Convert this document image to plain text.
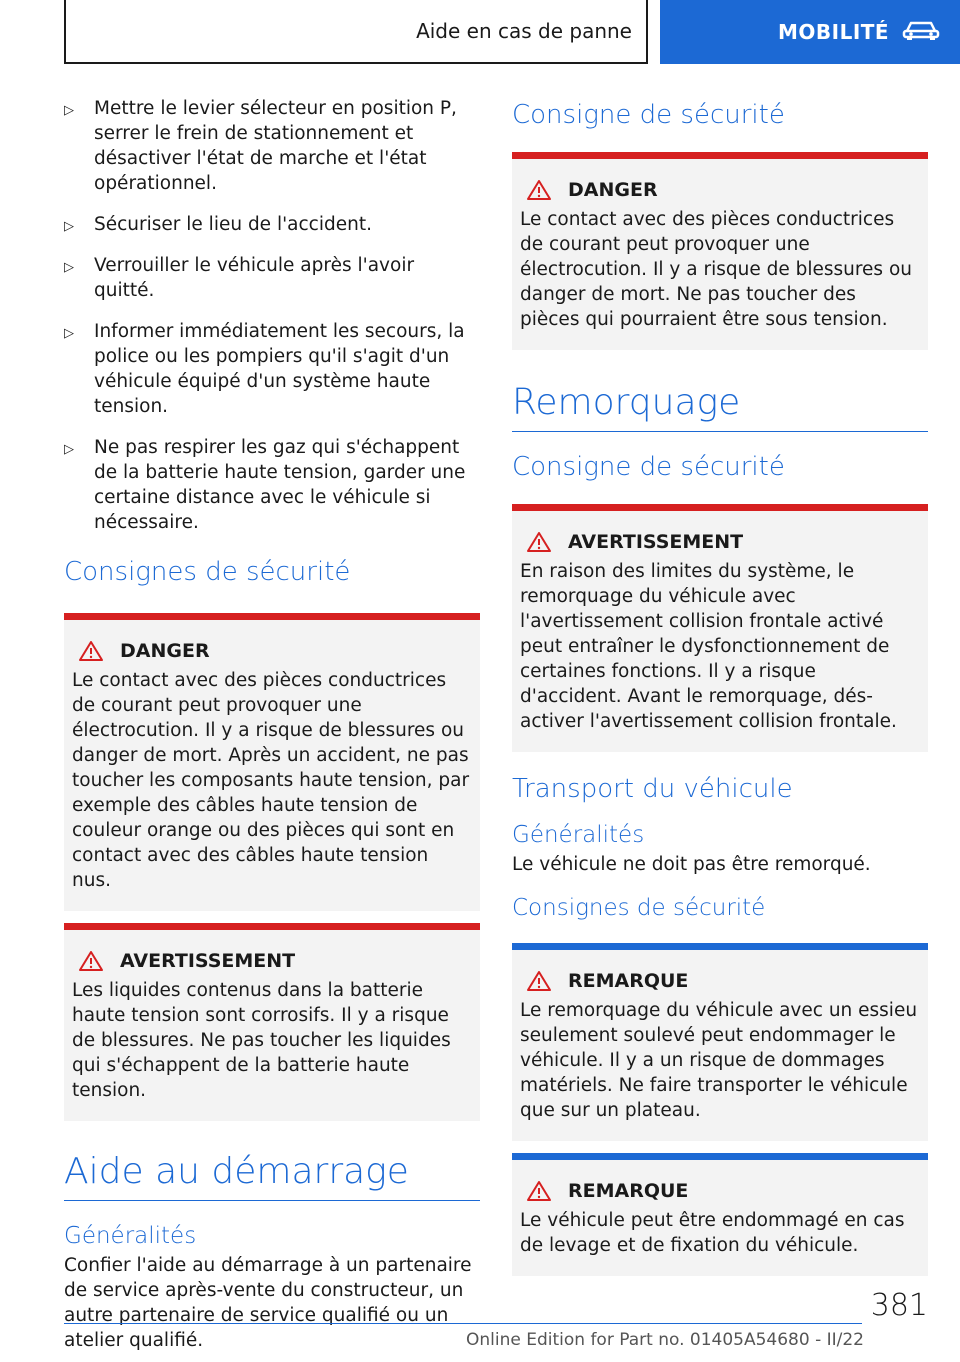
Aide en cas de panne	MOBILITÉ
▷ Mettre le levier sélecteur en position P, serrer le frein de stationnement et désactiver l'état de marche et l'état opérationnel.
▷ Sécuriser le lieu de l'accident.
▷ Verrouiller le véhicule après l'avoir quitté.
▷ Informer immédiatement les secours, la police ou les pompiers qu'il s'agit d'un véhicule équipé d'un système haute tension.
▷ Ne pas respirer les gaz qui s'échappent de la batterie haute tension, garder une certaine distance avec le véhicule si nécessaire.
Consignes de sécurité
DANGER

Le contact avec des pièces conductrices de courant peut provoquer une électrocution. Il y a risque de blessures ou danger de mort. Après un accident, ne pas toucher les composants haute tension, par exemple des câbles haute tension de couleur orange ou des pièces qui sont en contact avec des câbles haute tension nus.

AVERTISSEMENT

Les liquides contenus dans la batterie haute tension sont corrosifs. Il y a risque de blessures. Ne pas toucher les liquides qui s'échappent de la batterie haute tension.

Aide au démarrage
Généralités

Confier l'aide au démarrage à un partenaire de service après-vente du constructeur, un autre partenaire de service qualifié ou un atelier qualifié.

Consigne de sécurité
DANGER

Le contact avec des pièces conductrices de courant peut provoquer une électrocution. Il y a risque de blessures ou danger de mort. Ne pas toucher des pièces qui pourraient être sous tension.

Remorquage
Consigne de sécurité
AVERTISSEMENT

En raison des limites du système, le remorquage du véhicule avec l'avertissement collision frontale activé peut entraîner le dysfonctionnement de certaines fonctions. Il y a risque d'accident. Avant le remorquage, désactiver l'avertissement collision frontale.

Transport du véhicule
Généralités

Le véhicule ne doit pas être remorqué.

Consignes de sécurité
REMARQUE

Le remorquage du véhicule avec un essieu seulement soulevé peut endommager le véhicule. Il y a un risque de dommages matériels. Ne faire transporter le véhicule que sur un plateau.

REMARQUE

Le véhicule peut être endommagé en cas de levage et de fixation du véhicule.

381
Online Edition for Part no. 01405A54680 - II/22
